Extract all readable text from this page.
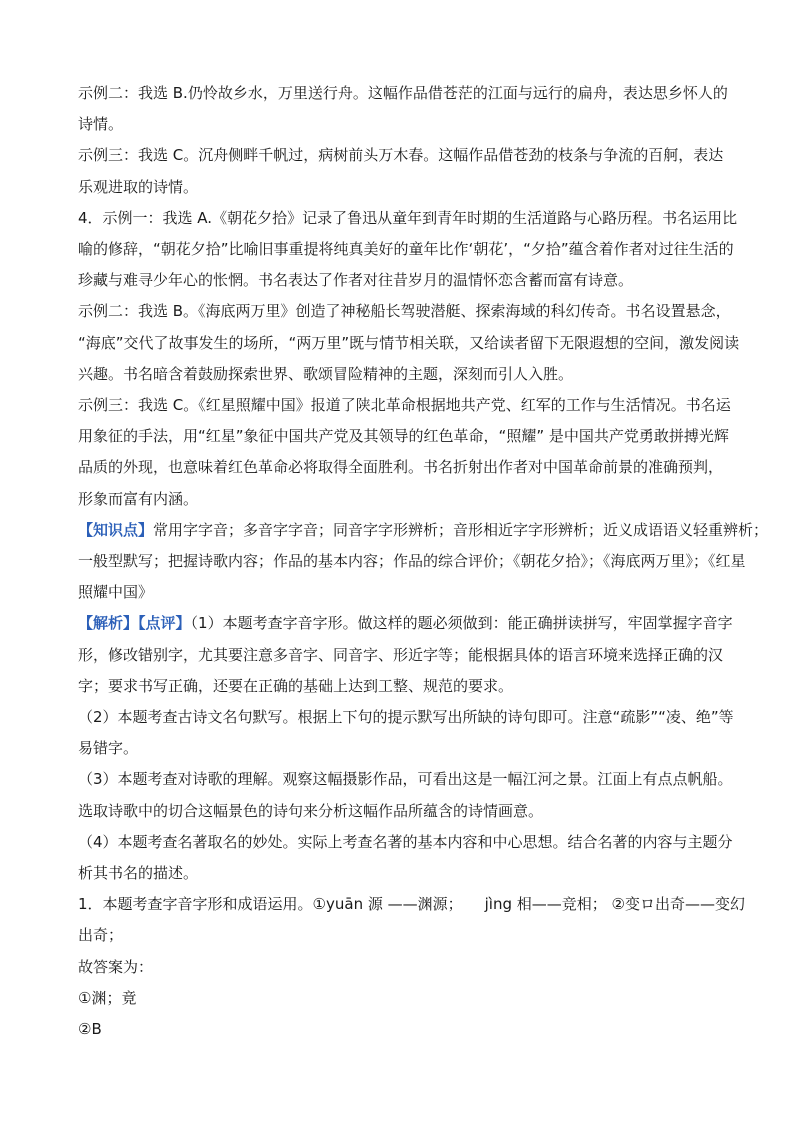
示例二：我选 B.仍怜故乡水，万里送行舟。这幅作品借苍茫的江面与远行的扁舟，表达思乡怀人的
诗情。
示例三：我选 C。沉舟侧畔千帆过，病树前头万木春。这幅作品借苍劲的枝条与争流的百舸，表达
乐观进取的诗情。
4．示例一：我选 A.《朝花夕拾》记录了鲁迅从童年到青年时期的生活道路与心路历程。书名运用比
喻的修辞，“朝花夕拾”比喻旧事重提将纯真美好的童年比作‘朝花’，“夕拾”蕴含着作者对过往生活的
珍藏与难寻少年心的怅惘。书名表达了作者对往昔岁月的温情怀恋含蓄而富有诗意。
示例二：我选 B。《海底两万里》创造了神秘船长驾驶潜艇、探索海域的科幻传奇。书名设置悬念，
“海底”交代了故事发生的场所，“两万里”既与情节相关联，又给读者留下无限遐想的空间，激发阅读
兴趣。书名暗含着鼓励探索世界、歌颂冒险精神的主题，深刻而引人入胜。
示例三：我选 C。《红星照耀中国》报道了陕北革命根据地共产党、红军的工作与生活情况。书名运
用象征的手法，用“红星”象征中国共产党及其领导的红色革命，“照耀” 是中国共产党勇敢拼搏光辉
品质的外现，也意味着红色革命必将取得全面胜利。书名折射出作者对中国革命前景的准确预判，
形象而富有内涵。
【知识点】常用字字音；多音字字音；同音字字形辨析；音形相近字字形辨析；近义成语语义轻重辨析；
一般型默写；把握诗歌内容；作品的基本内容；作品的综合评价；《朝花夕拾》；《海底两万里》；《红星
照耀中国》
【解析】【点评】（1）本题考查字音字形。做这样的题必须做到：能正确拼读拼写，牢固掌握字音字
形，修改错别字，尤其要注意多音字、同音字、形近字等；能根据具体的语言环境来选择正确的汉
字；要求书写正确，还要在正确的基础上达到工整、规范的要求。
（2）本题考查古诗文名句默写。根据上下句的提示默写出所缺的诗句即可。注意“疏影”“凌、绝”等
易错字。
（3）本题考查对诗歌的理解。观察这幅摄影作品，可看出这是一幅江河之景。江面上有点点帆船。
选取诗歌中的切合这幅景色的诗句来分析这幅作品所蕴含的诗情画意。
（4）本题考查名著取名的妙处。实际上考查名著的基本内容和中心思想。结合名著的内容与主题分
析其书名的描述。
1．本题考查字音字形和成语运用。①yuān 源 ——渊源； jìng 相——竞相； ②变ロ出奇——变幻
出奇；
故答案为：
①渊；竟
②B
